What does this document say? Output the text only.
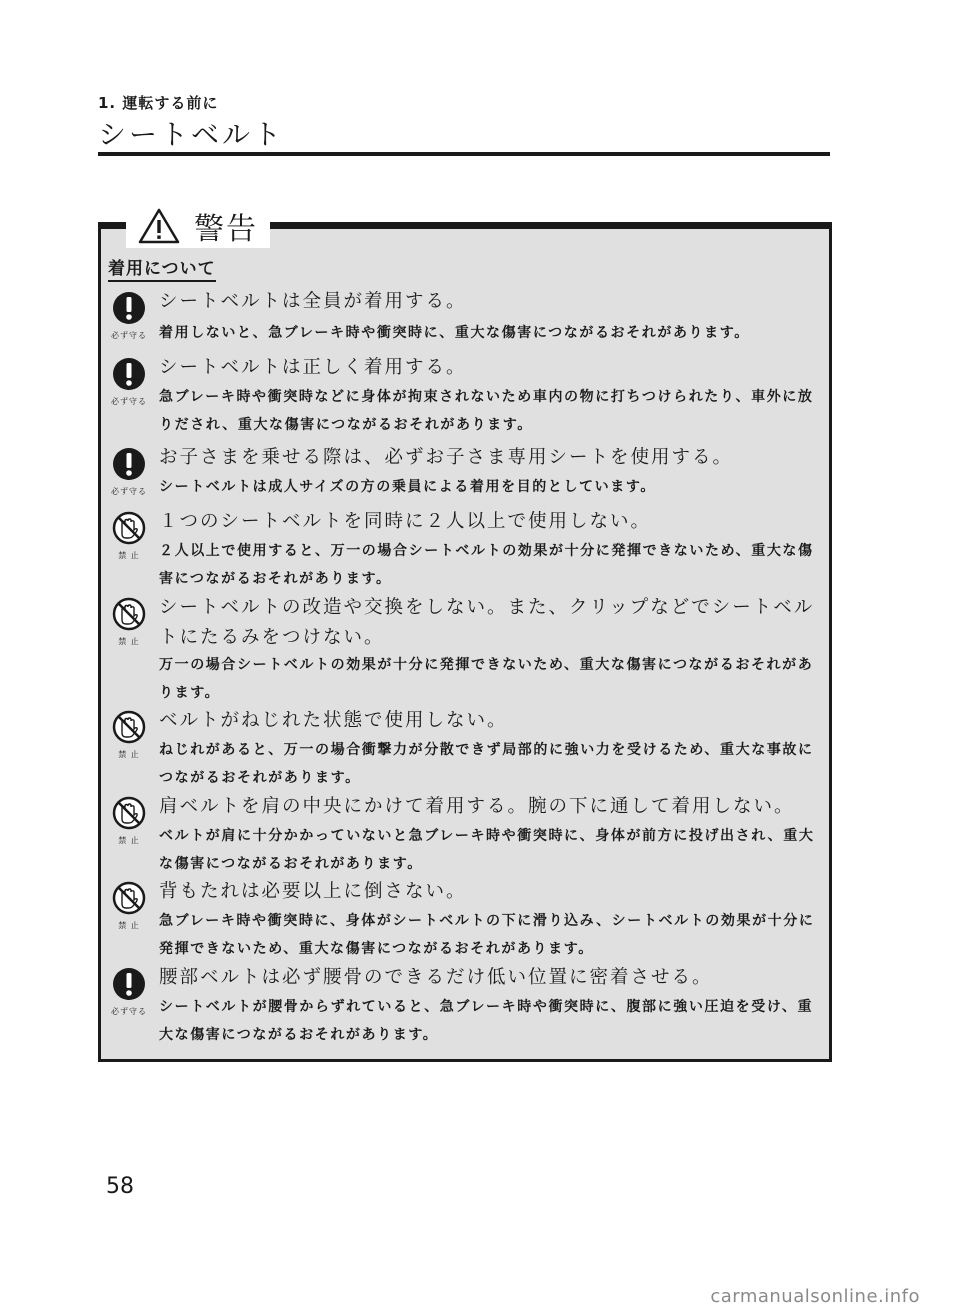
1. 運転する前に
シートベルト
警告
着用について
必ず守る
シートベルトは全員が着用する。
着用しないと、急ブレーキ時や衝突時に、重大な傷害につながるおそれがあります。
必ず守る
シートベルトは正しく着用する。
急ブレーキ時や衝突時などに身体が拘束されないため車内の物に打ちつけられたり、車外に放りだされ、重大な傷害につながるおそれがあります。
必ず守る
お子さまを乗せる際は、必ずお子さま専用シートを使用する。
シートベルトは成人サイズの方の乗員による着用を目的としています。
禁 止
１つのシートベルトを同時に２人以上で使用しない。
２人以上で使用すると、万一の場合シートベルトの効果が十分に発揮できないため、重大な傷害につながるおそれがあります。
禁 止
シートベルトの改造や交換をしない。また、クリップなどでシートベルトにたるみをつけない。
万一の場合シートベルトの効果が十分に発揮できないため、重大な傷害につながるおそれがあります。
禁 止
ベルトがねじれた状態で使用しない。
ねじれがあると、万一の場合衝撃力が分散できず局部的に強い力を受けるため、重大な事故につながるおそれがあります。
禁 止
肩ベルトを肩の中央にかけて着用する。腕の下に通して着用しない。
ベルトが肩に十分かかっていないと急ブレーキ時や衝突時に、身体が前方に投げ出され、重大な傷害につながるおそれがあります。
禁 止
背もたれは必要以上に倒さない。
急ブレーキ時や衝突時に、身体がシートベルトの下に滑り込み、シートベルトの効果が十分に発揮できないため、重大な傷害につながるおそれがあります。
必ず守る
腰部ベルトは必ず腰骨のできるだけ低い位置に密着させる。
シートベルトが腰骨からずれていると、急ブレーキ時や衝突時に、腹部に強い圧迫を受け、重大な傷害につながるおそれがあります。
58
carmanualsonline.info
